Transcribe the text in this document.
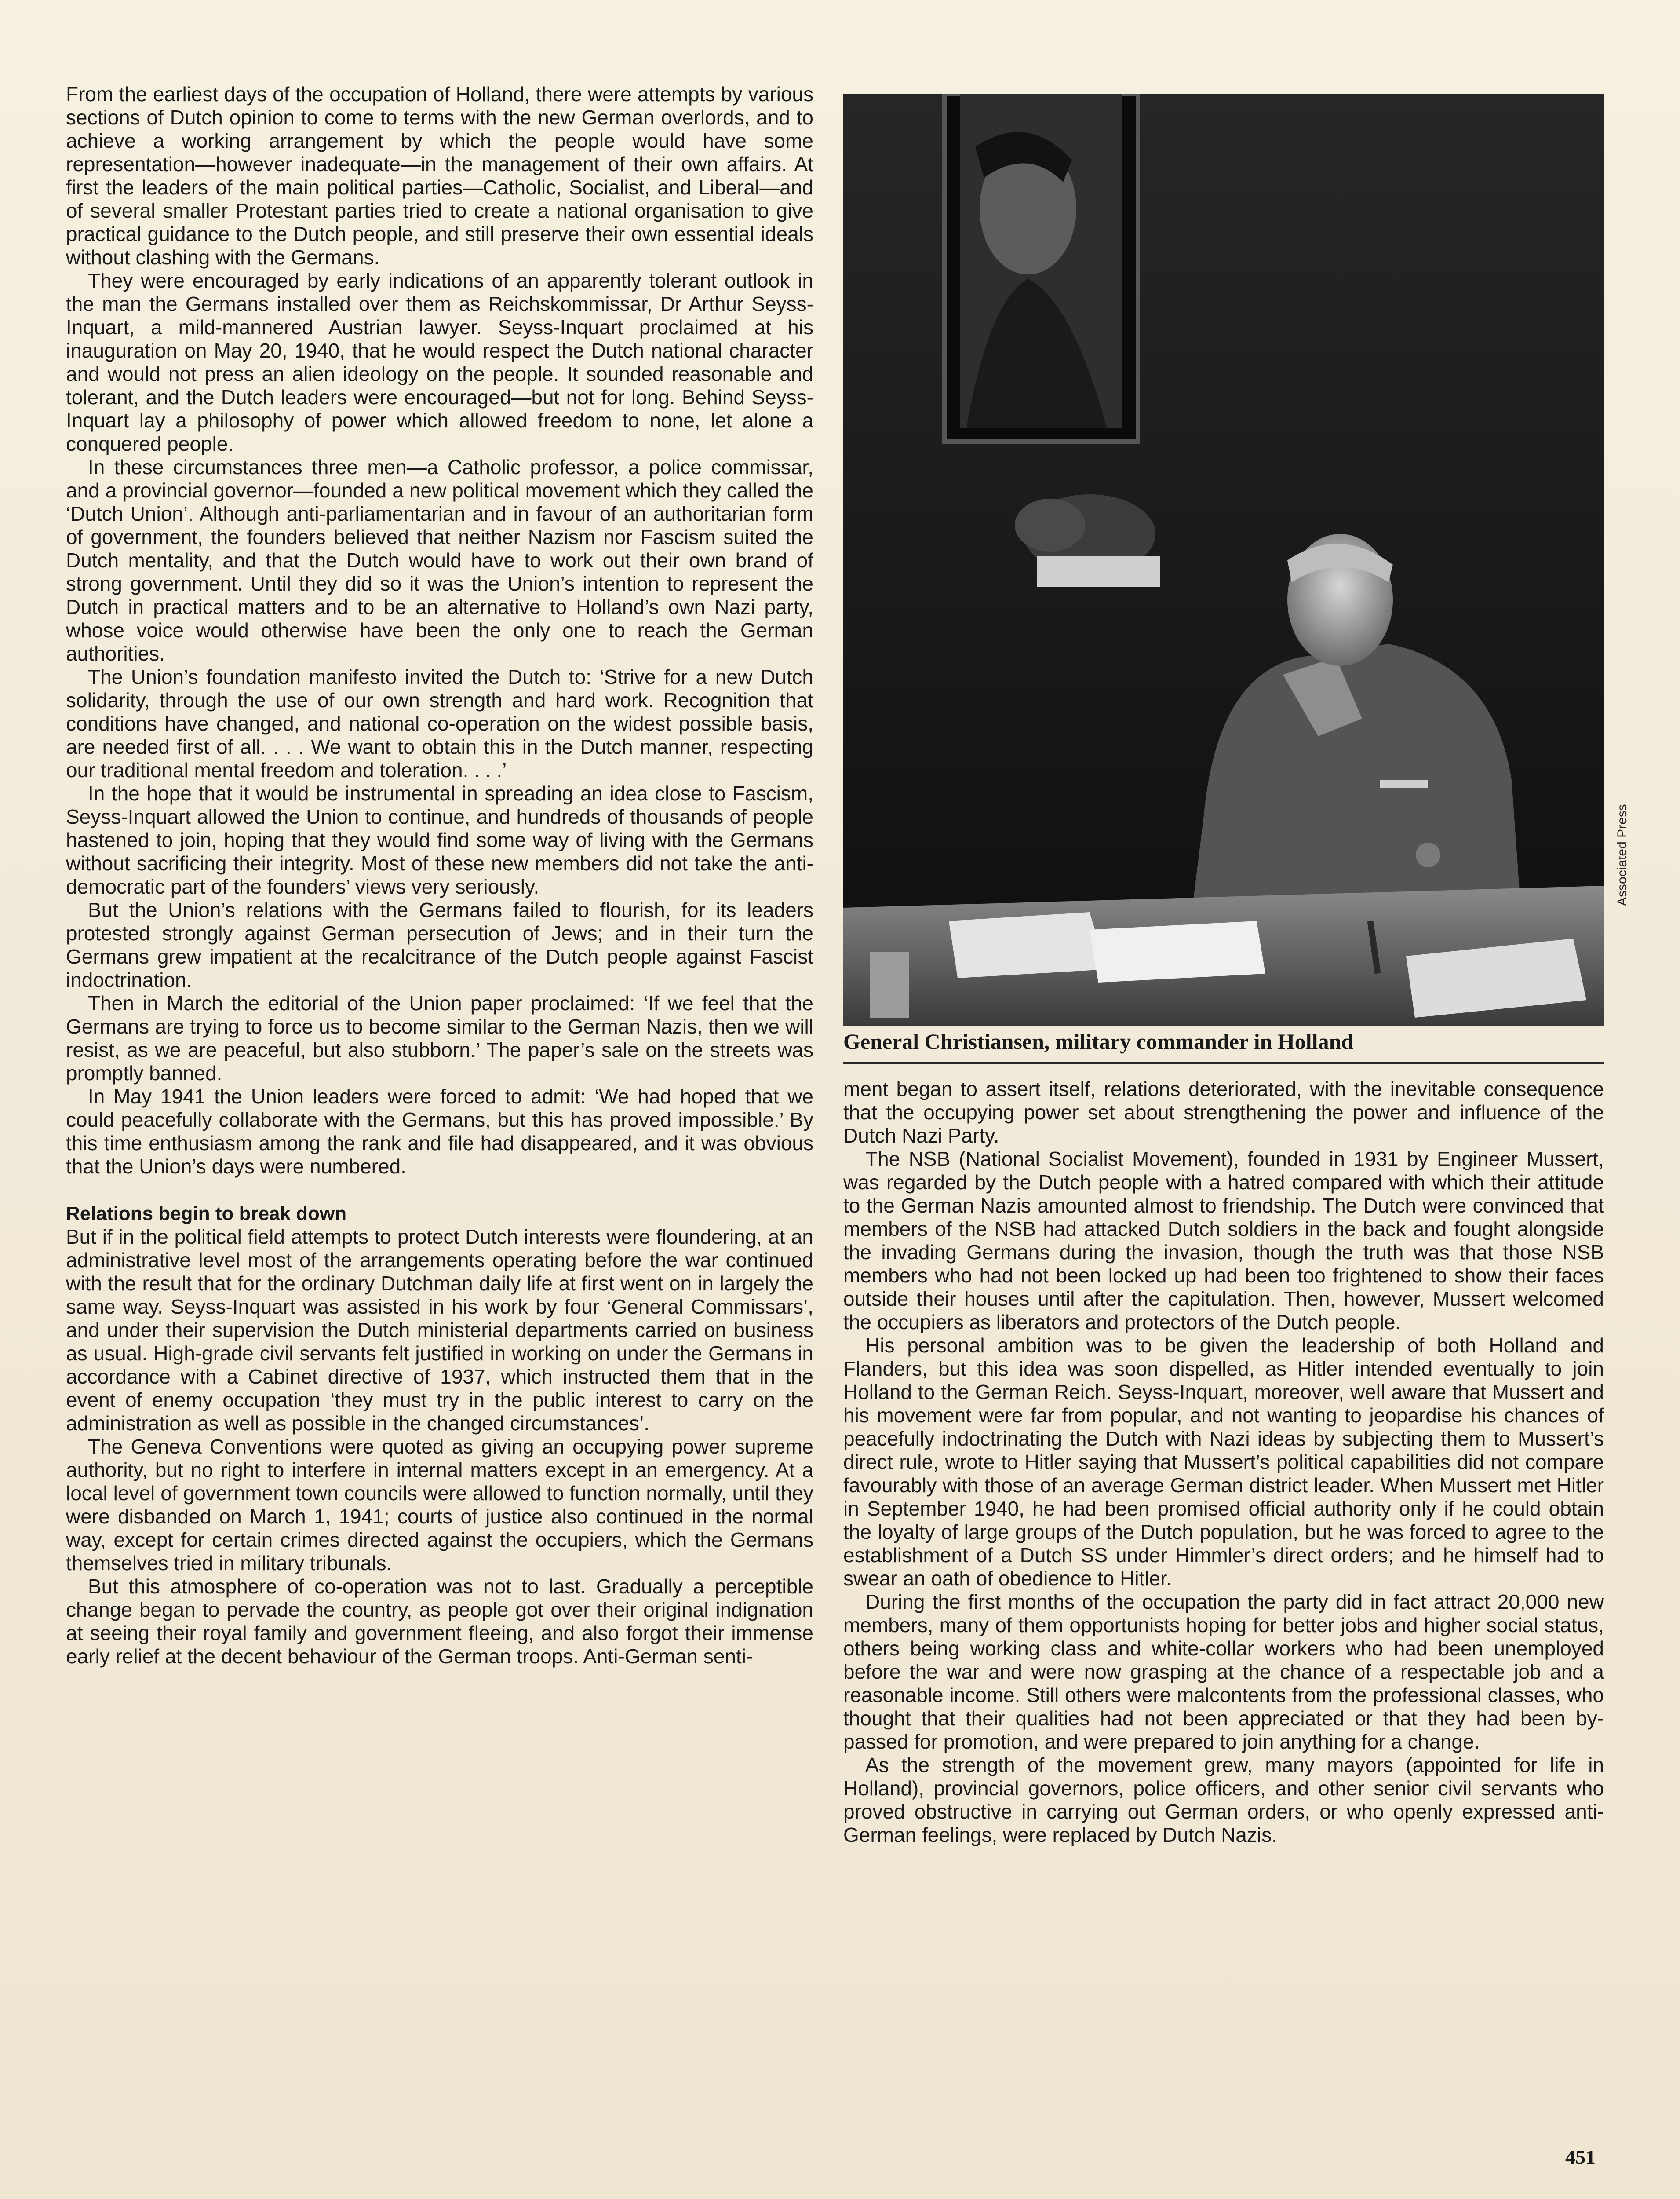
From the earliest days of the occupation of Holland, there were attempts by various sections of Dutch opinion to come to terms with the new German overlords, and to achieve a working arrangement by which the people would have some representation—however inadequate—in the management of their own affairs. At first the leaders of the main political parties—Catholic, Socialist, and Liberal—and of several smaller Protestant parties tried to create a national organisation to give practical guidance to the Dutch people, and still preserve their own essential ideals without clashing with the Germans.

They were encouraged by early indications of an apparently tolerant outlook in the man the Germans installed over them as Reichskommissar, Dr Arthur Seyss-Inquart, a mild-mannered Austrian lawyer. Seyss-Inquart proclaimed at his inauguration on May 20, 1940, that he would respect the Dutch national character and would not press an alien ideology on the people. It sounded reasonable and tolerant, and the Dutch leaders were encouraged—but not for long. Behind Seyss-Inquart lay a philosophy of power which allowed freedom to none, let alone a conquered people.

In these circumstances three men—a Catholic professor, a police commissar, and a provincial governor—founded a new political movement which they called the ‘Dutch Union’. Although anti-parliamentarian and in favour of an authoritarian form of government, the founders believed that neither Nazism nor Fascism suited the Dutch mentality, and that the Dutch would have to work out their own brand of strong government. Until they did so it was the Union’s intention to represent the Dutch in practical matters and to be an alternative to Holland’s own Nazi party, whose voice would otherwise have been the only one to reach the German authorities.

The Union’s foundation manifesto invited the Dutch to: ‘Strive for a new Dutch solidarity, through the use of our own strength and hard work. Recognition that conditions have changed, and national co-operation on the widest possible basis, are needed first of all. . . . We want to obtain this in the Dutch manner, respecting our traditional mental freedom and toleration. . . .’

In the hope that it would be instrumental in spreading an idea close to Fascism, Seyss-Inquart allowed the Union to continue, and hundreds of thousands of people hastened to join, hoping that they would find some way of living with the Germans without sacrificing their integrity. Most of these new members did not take the anti-democratic part of the founders’ views very seriously.

But the Union’s relations with the Germans failed to flourish, for its leaders protested strongly against German persecution of Jews; and in their turn the Germans grew impatient at the recalcitrance of the Dutch people against Fascist indoctrination.

Then in March the editorial of the Union paper proclaimed: ‘If we feel that the Germans are trying to force us to become similar to the German Nazis, then we will resist, as we are peaceful, but also stubborn.’ The paper’s sale on the streets was promptly banned.

In May 1941 the Union leaders were forced to admit: ‘We had hoped that we could peacefully collaborate with the Germans, but this has proved impossible.’ By this time enthusiasm among the rank and file had disappeared, and it was obvious that the Union’s days were numbered.

Relations begin to break down

But if in the political field attempts to protect Dutch interests were floundering, at an administrative level most of the arrangements operating before the war continued with the result that for the ordinary Dutchman daily life at first went on in largely the same way. Seyss-Inquart was assisted in his work by four ‘General Commissars’, and under their supervision the Dutch ministerial departments carried on business as usual. High-grade civil servants felt justified in working on under the Germans in accordance with a Cabinet directive of 1937, which instructed them that in the event of enemy occupation ‘they must try in the public interest to carry on the administration as well as possible in the changed circumstances’.

The Geneva Conventions were quoted as giving an occupying power supreme authority, but no right to interfere in internal matters except in an emergency. At a local level of government town councils were allowed to function normally, until they were disbanded on March 1, 1941; courts of justice also continued in the normal way, except for certain crimes directed against the occupiers, which the Germans themselves tried in military tribunals.

But this atmosphere of co-operation was not to last. Gradually a perceptible change began to pervade the country, as people got over their original indignation at seeing their royal family and government fleeing, and also forgot their immense early relief at the decent behaviour of the German troops. Anti-German senti-

Associated Press
General Christiansen, military commander in Holland

ment began to assert itself, relations deteriorated, with the inevitable consequence that the occupying power set about strengthening the power and influence of the Dutch Nazi Party.

The NSB (National Socialist Movement), founded in 1931 by Engineer Mussert, was regarded by the Dutch people with a hatred compared with which their attitude to the German Nazis amounted almost to friendship. The Dutch were convinced that members of the NSB had attacked Dutch soldiers in the back and fought alongside the invading Germans during the invasion, though the truth was that those NSB members who had not been locked up had been too frightened to show their faces outside their houses until after the capitulation. Then, however, Mussert welcomed the occupiers as liberators and protectors of the Dutch people.

His personal ambition was to be given the leadership of both Holland and Flanders, but this idea was soon dispelled, as Hitler intended eventually to join Holland to the German Reich. Seyss-Inquart, moreover, well aware that Mussert and his movement were far from popular, and not wanting to jeopardise his chances of peacefully indoctrinating the Dutch with Nazi ideas by subjecting them to Mussert’s direct rule, wrote to Hitler saying that Mussert’s political capabilities did not compare favourably with those of an average German district leader. When Mussert met Hitler in September 1940, he had been promised official authority only if he could obtain the loyalty of large groups of the Dutch population, but he was forced to agree to the establishment of a Dutch SS under Himmler’s direct orders; and he himself had to swear an oath of obedience to Hitler.

During the first months of the occupation the party did in fact attract 20,000 new members, many of them opportunists hoping for better jobs and higher social status, others being working class and white-collar workers who had been unemployed before the war and were now grasping at the chance of a respectable job and a reasonable income. Still others were malcontents from the professional classes, who thought that their qualities had not been appreciated or that they had been by-passed for promotion, and were prepared to join anything for a change.

As the strength of the movement grew, many mayors (appointed for life in Holland), provincial governors, police officers, and other senior civil servants who proved obstructive in carrying out German orders, or who openly expressed anti-German feelings, were replaced by Dutch Nazis.

451
